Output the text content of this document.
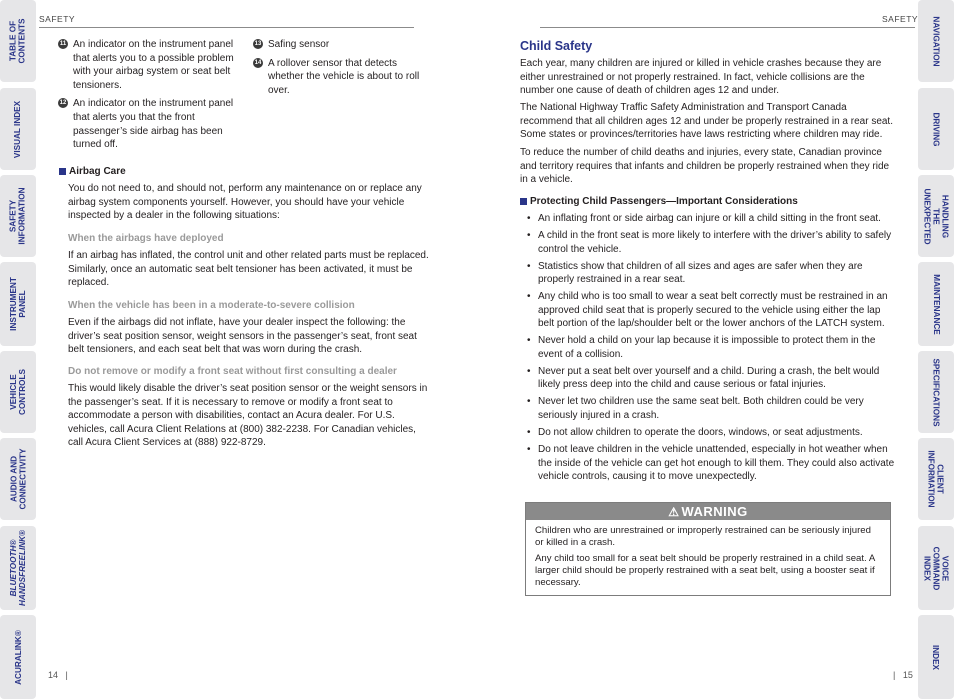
TABLE OF CONTENTS
VISUAL INDEX
SAFETY INFORMATION
INSTRUMENT PANEL
VEHICLE CONTROLS
AUDIO AND CONNECTIVITY
BLUETOOTH® HANDSFREELINK®
ACURALINK®
NAVIGATION
DRIVING
HANDLING THE UNEXPECTED
MAINTENANCE
SPECIFICATIONS
CLIENT INFORMATION
VOICE COMMAND INDEX
INDEX
SAFETY
11 An indicator on the instrument panel that alerts you to a possible problem with your airbag system or seat belt tensioners.
12 An indicator on the instrument panel that alerts you that the front passenger’s side airbag has been turned off.
13 Safing sensor
14 A rollover sensor that detects whether the vehicle is about to roll over.
Airbag Care

You do not need to, and should not, perform any maintenance on or replace any airbag system components yourself. However, you should have your vehicle inspected by a dealer in the following situations:

When the airbags have deployed

If an airbag has inflated, the control unit and other related parts must be replaced. Similarly, once an automatic seat belt tensioner has been activated, it must be replaced.

When the vehicle has been in a moderate-to-severe collision

Even if the airbags did not inflate, have your dealer inspect the following: the driver’s seat position sensor, weight sensors in the passenger’s seat, front seat belt tensioners, and each seat belt that was worn during the crash.

Do not remove or modify a front seat without first consulting a dealer

This would likely disable the driver’s seat position sensor or the weight sensors in the passenger’s seat. If it is necessary to remove or modify a front seat to accommodate a person with disabilities, contact an Acura dealer. For U.S. vehicles, call Acura Client Relations at (800) 382-2238. For Canadian vehicles, call Acura Client Services at (888) 922-8729.

14   |
SAFETY
Child Safety

Each year, many children are injured or killed in vehicle crashes because they are either unrestrained or not properly restrained. In fact, vehicle collisions are the number one cause of death of children ages 12 and under.

The National Highway Traffic Safety Administration and Transport Canada recommend that all children ages 12 and under be properly restrained in a rear seat. Some states or provinces/territories have laws restricting where children may ride.

To reduce the number of child deaths and injuries, every state, Canadian province and territory requires that infants and children be properly restrained when they ride in a vehicle.

Protecting Child Passengers—Important Considerations
• An inflating front or side airbag can injure or kill a child sitting in the front seat.
• A child in the front seat is more likely to interfere with the driver’s ability to safely control the vehicle.
• Statistics show that children of all sizes and ages are safer when they are properly restrained in a rear seat.
• Any child who is too small to wear a seat belt correctly must be restrained in an approved child seat that is properly secured to the vehicle using either the lap belt portion of the lap/shoulder belt or the lower anchors of the LATCH system.
• Never hold a child on your lap because it is impossible to protect them in the event of a collision.
• Never put a seat belt over yourself and a child. During a crash, the belt would likely press deep into the child and cause serious or fatal injuries.
• Never let two children use the same seat belt. Both children could be very seriously injured in a crash.
• Do not allow children to operate the doors, windows, or seat adjustments.
• Do not leave children in the vehicle unattended, especially in hot weather when the inside of the vehicle can get hot enough to kill them. They could also activate vehicle controls, causing it to move unexpectedly.
⚠ WARNING

Children who are unrestrained or improperly restrained can be seriously injured or killed in a crash.

Any child too small for a seat belt should be properly restrained in a child seat. A larger child should be properly restrained with a seat belt, using a booster seat if necessary.

|   15
